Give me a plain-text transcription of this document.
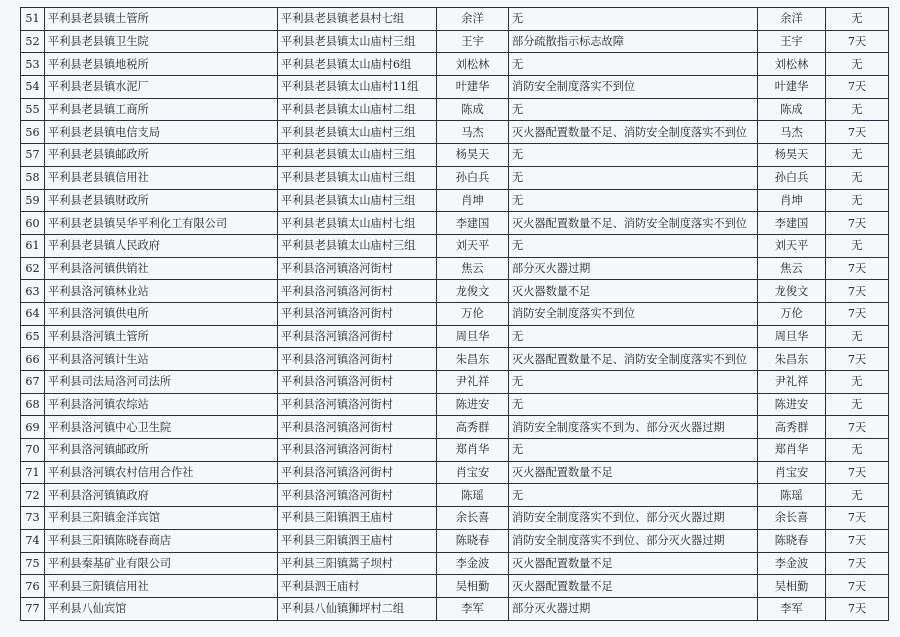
51	平利县老县镇土管所	平利县老县镇老县村七组	余洋	无	余洋	无
52	平利县老县镇卫生院	平利县老县镇太山庙村三组	王宇	部分疏散指示标志故障	王宇	7天
53	平利县老县镇地税所	平利县老县镇太山庙村6组	刘松林	无	刘松林	无
54	平利县老县镇水泥厂	平利县老县镇太山庙村11组	叶建华	消防安全制度落实不到位	叶建华	7天
55	平利县老县镇工商所	平利县老县镇太山庙村二组	陈成	无	陈成	无
56	平利县老县镇电信支局	平利县老县镇太山庙村三组	马杰	灭火器配置数量不足、消防安全制度落实不到位	马杰	7天
57	平利县老县镇邮政所	平利县老县镇太山庙村三组	杨昊天	无	杨昊天	无
58	平利县老县镇信用社	平利县老县镇太山庙村三组	孙白兵	无	孙白兵	无
59	平利县老县镇财政所	平利县老县镇太山庙村三组	肖坤	无	肖坤	无
60	平利县老县镇吴华平利化工有限公司	平利县老县镇太山庙村七组	李建国	灭火器配置数量不足、消防安全制度落实不到位	李建国	7天
61	平利县老县镇人民政府	平利县老县镇太山庙村三组	刘天平	无	刘天平	无
62	平利县洛河镇供销社	平利县洛河镇洛河街村	焦云	部分灭火器过期	焦云	7天
63	平利县洛河镇林业站	平利县洛河镇洛河街村	龙俊文	灭火器数量不足	龙俊文	7天
64	平利县洛河镇供电所	平利县洛河镇洛河街村	万伦	消防安全制度落实不到位	万伦	7天
65	平利县洛河镇土管所	平利县洛河镇洛河街村	周旦华	无	周旦华	无
66	平利县洛河镇计生站	平利县洛河镇洛河街村	朱昌东	灭火器配置数量不足、消防安全制度落实不到位	朱昌东	7天
67	平利县司法局洛河司法所	平利县洛河镇洛河街村	尹礼祥	无	尹礼祥	无
68	平利县洛河镇农综站	平利县洛河镇洛河街村	陈进安	无	陈进安	无
69	平利县洛河镇中心卫生院	平利县洛河镇洛河街村	高秀群	消防安全制度落实不到为、部分灭火器过期	高秀群	7天
70	平利县洛河镇邮政所	平利县洛河镇洛河街村	郑肖华	无	郑肖华	无
71	平利县洛河镇农村信用合作社	平利县洛河镇洛河街村	肖宝安	灭火器配置数量不足	肖宝安	7天
72	平利县洛河镇镇政府	平利县洛河镇洛河街村	陈瑶	无	陈瑶	无
73	平利县三阳镇金洋宾馆	平利县三阳镇泗王庙村	余长喜	消防安全制度落实不到位、部分灭火器过期	余长喜	7天
74	平利县三阳镇陈晓春商店	平利县三阳镇泗王庙村	陈晓春	消防安全制度落实不到位、部分灭火器过期	陈晓春	7天
75	平利县秦基矿业有限公司	平利县三阳镇蒿子坝村	李金波	灭火器配置数量不足	李金波	7天
76	平利县三阳镇信用社	平利县泗王庙村	吴相勤	灭火器配置数量不足	吴相勤	7天
77	平利县八仙宾馆	平利县八仙镇狮坪村二组	李军	部分灭火器过期	李军	7天
